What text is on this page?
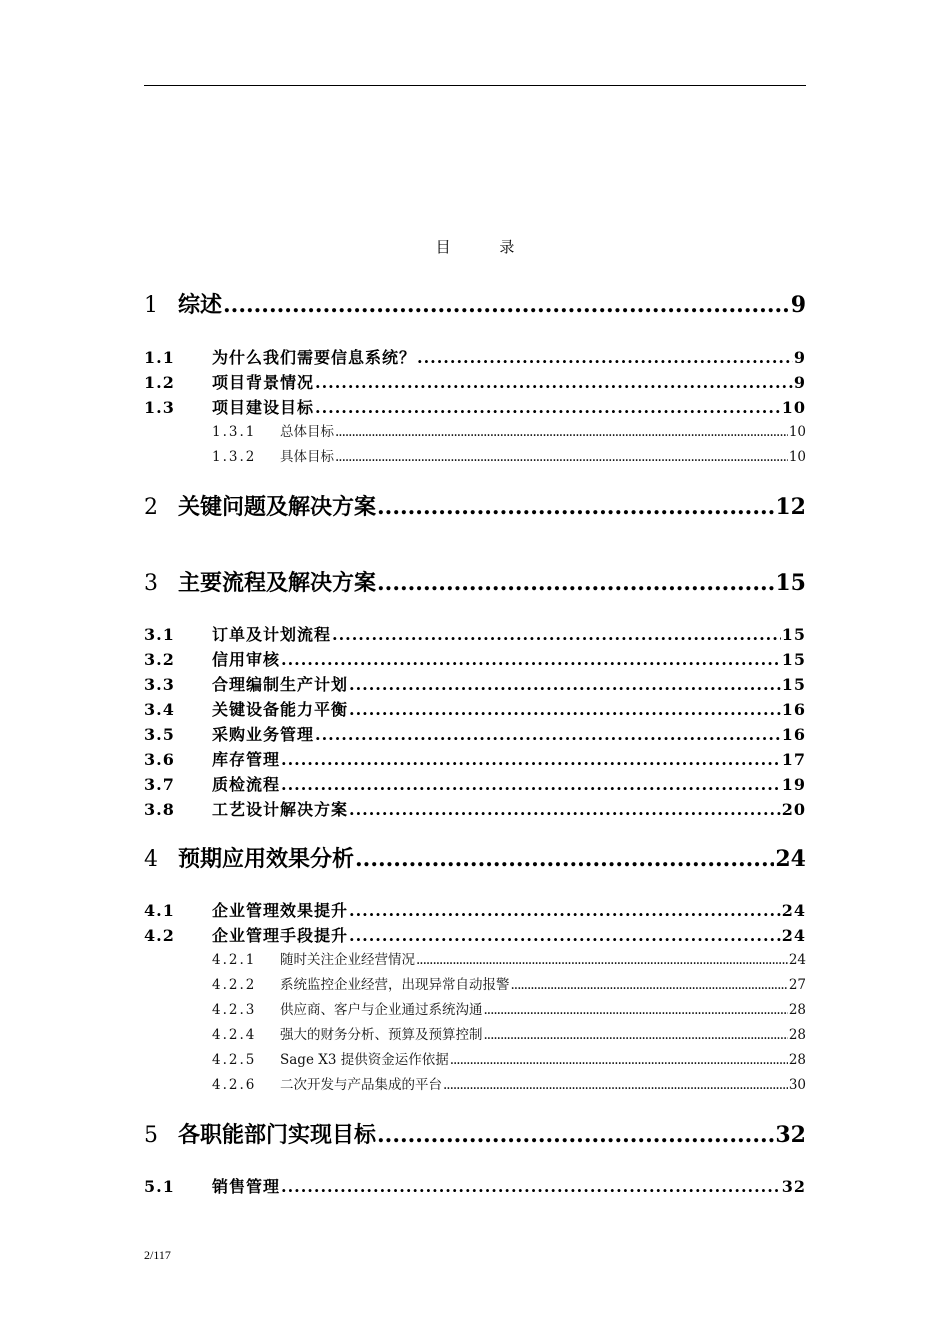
目 录
1 综述 .....	9
1.1	为什么我们需要信息系统？ .....	9
1.2	项目背景情况 .....	9
1.3	项目建设目标 .....	10
1.3.1	总体目标 .....	10
1.3.2	具体目标 .....	10
2 关键问题及解决方案 .....	12
3 主要流程及解决方案 .....	15
3.1	订单及计划流程 .....	15
3.2	信用审核 .....	15
3.3	合理编制生产计划 .....	15
3.4	关键设备能力平衡 .....	16
3.5	采购业务管理 .....	16
3.6	库存管理 .....	17
3.7	质检流程 .....	19
3.8	工艺设计解决方案 .....	20
4 预期应用效果分析 .....	24
4.1	企业管理效果提升 .....	24
4.2	企业管理手段提升 .....	24
4.2.1	随时关注企业经营情况 .....	24
4.2.2	系统监控企业经营，出现异常自动报警 .....	27
4.2.3	供应商、客户与企业通过系统沟通 .....	28
4.2.4	强大的财务分析、预算及预算控制 .....	28
4.2.5	Sage X3 提供资金运作依据 .....	28
4.2.6	二次开发与产品集成的平台 .....	30
5 各职能部门实现目标 .....	32
5.1	销售管理 .....	32
2/117
